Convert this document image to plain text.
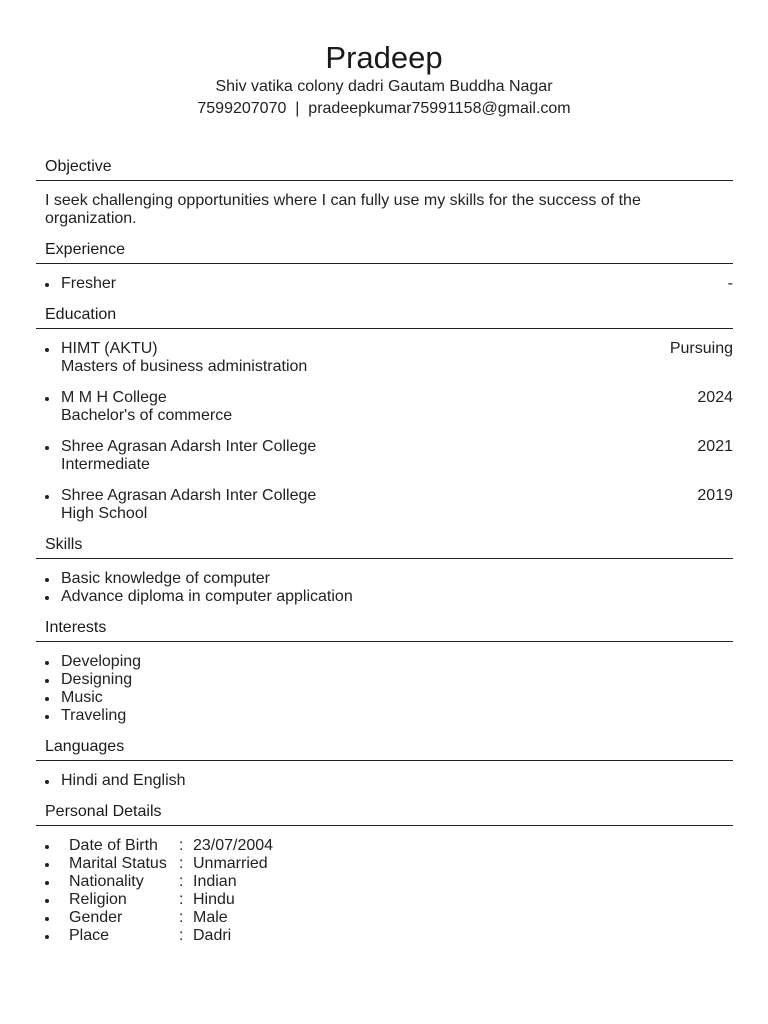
Pradeep
Shiv vatika colony dadri Gautam Buddha Nagar
7599207070  |  pradeepkumar75991158@gmail.com
Objective
I seek challenging opportunities where I can fully use my skills for the success of the organization.
Experience
Fresher	-
Education
HIMT (AKTU)	Pursuing
Masters of business administration
M M H College	2024
Bachelor's of commerce
Shree Agrasan Adarsh Inter College	2021
Intermediate
Shree Agrasan Adarsh Inter College	2019
High School
Skills
Basic knowledge of computer
Advance diploma in computer application
Interests
Developing
Designing
Music
Traveling
Languages
Hindi and English
Personal Details
Date of Birth : 23/07/2004
Marital Status : Unmarried
Nationality : Indian
Religion	: Hindu
Gender	: Male
Place	: Dadri
